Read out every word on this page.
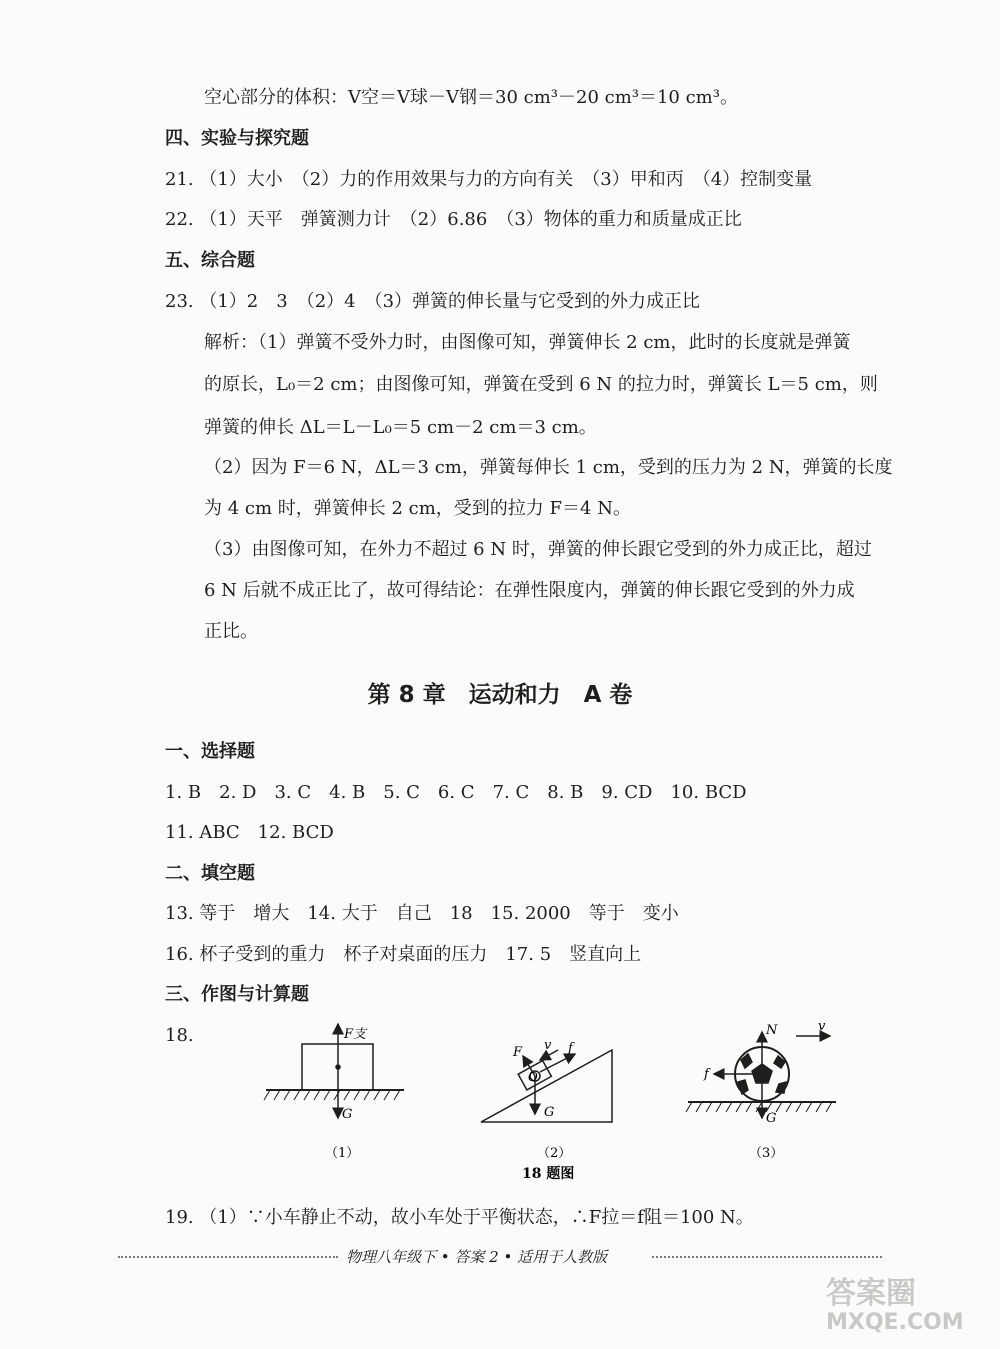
空心部分的体积：V空＝V球－V钢＝30 cm³－20 cm³＝10 cm³。
四、实验与探究题
21. （1）大小　（2）力的作用效果与力的方向有关　（3）甲和丙　（4）控制变量
22. （1）天平　弹簧测力计　（2）6.86　（3）物体的重力和质量成正比
五、综合题
23. （1）2　3　（2）4　（3）弹簧的伸长量与它受到的外力成正比
解析：（1）弹簧不受外力时，由图像可知，弹簧伸长 2 cm，此时的长度就是弹簧
的原长，L₀＝2 cm；由图像可知，弹簧在受到 6 N 的拉力时，弹簧长 L＝5 cm，则
弹簧的伸长 ΔL＝L－L₀＝5 cm－2 cm＝3 cm。
（2）因为 F＝6 N，ΔL＝3 cm，弹簧每伸长 1 cm，受到的压力为 2 N，弹簧的长度
为 4 cm 时，弹簧伸长 2 cm，受到的拉力 F＝4 N。
（3）由图像可知，在外力不超过 6 N 时，弹簧的伸长跟它受到的外力成正比，超过
6 N 后就不成正比了，故可得结论：在弹性限度内，弹簧的伸长跟它受到的外力成
正比。
第 8 章　运动和力　A 卷
一、选择题
1. B　2. D　3. C　4. B　5. C　6. C　7. C　8. B　9. CD　10. BCD
11. ABC　12. BCD
二、填空题
13. 等于　增大　14. 大于　自己　18　15. 2000　等于　变小
16. 杯子受到的重力　杯子对桌面的压力　17. 5　竖直向上
三、作图与计算题
18.	F支
G
（1）
F v f
O
G
（2）
18 题图
N	v
f
G
（3）
19. （1）∵小车静止不动，故小车处于平衡状态，∴F拉＝f阻＝100 N。
物理八年级下 • 答案 2 • 适用于人教版
答案圈
MXQE.COM
